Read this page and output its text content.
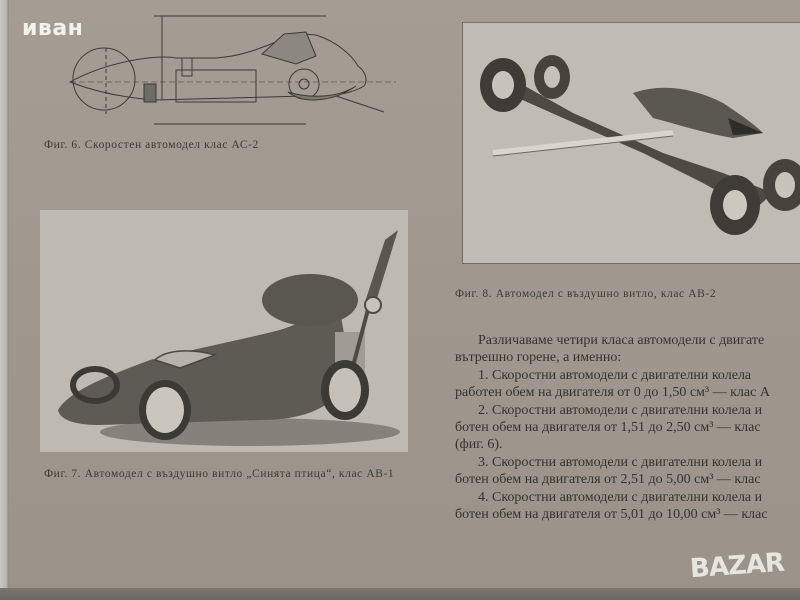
Фиг. 6. Скоростен автомодел клас АС-2
Фиг. 8. Автомодел с въздушно витло, клас АВ-2
Фиг. 7. Автомодел с въздушно витло „Синята птица“, клас АВ-1
Различаваме четири класа автомодели с двигате
вътрешно горене, а именно:
1. Скоростни автомодели с двигателни колела
работен обем на двигателя от 0 до 1,50 см³ — клас А
2. Скоростни автомодели с двигателни колела и
ботен обем на двигателя от 1,51 до 2,50 см³ — клас
(фиг. 6).
3. Скоростни автомодели с двигателни колела и
ботен обем на двигателя от 2,51 до 5,00 см³ — клас
4. Скоростни автомодели с двигателни колела и
ботен обем на двигателя от 5,01 до 10,00 см³ — клас
иван
BAZAR
